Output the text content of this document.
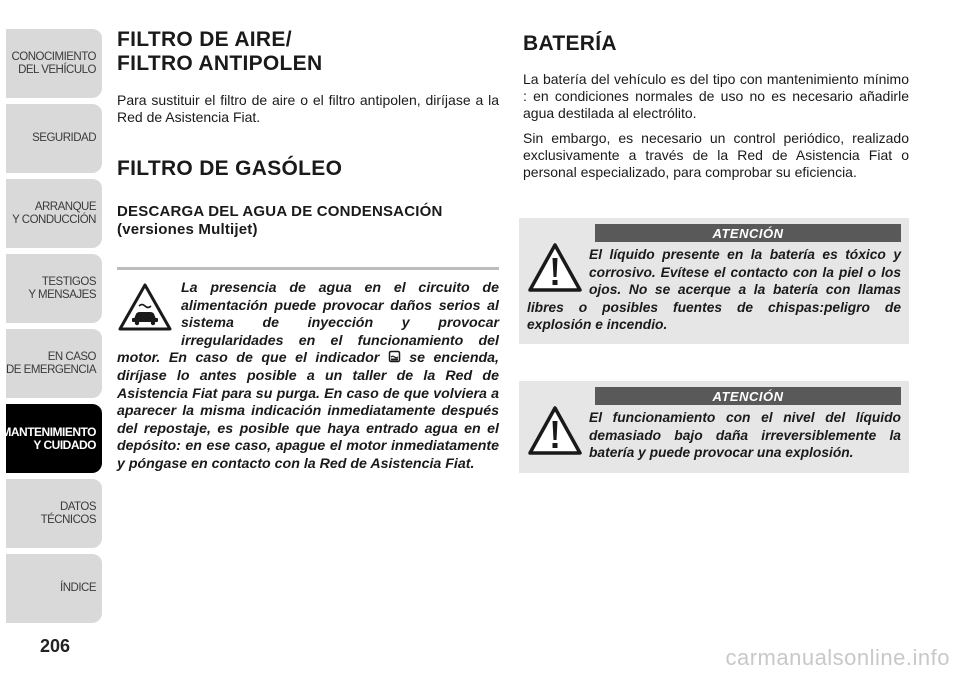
CONOCIMIENTO
DEL VEHÍCULO
SEGURIDAD
ARRANQUE
Y CONDUCCIÓN
TESTIGOS
Y MENSAJES
EN CASO
DE EMERGENCIA
MANTENIMIENTO
Y CUIDADO
DATOS TÉCNICOS
ÍNDICE
206
FILTRO DE AIRE/
FILTRO ANTIPOLEN

Para sustituir el filtro de aire o el filtro antipolen, diríjase a la Red de Asistencia Fiat.

FILTRO DE GASÓLEO
DESCARGA DEL AGUA DE CONDENSACIÓN (versiones Multijet)

La presencia de agua en el circuito de alimentación puede provocar daños serios al sistema de inyección y provocar irregularidades en el funcionamiento del motor. En caso de que el indicador se encienda, diríjase lo antes posible a un taller de la Red de Asistencia Fiat para su purga. En caso de que volviera a aparecer la misma indicación inmediatamente después del repostaje, es posible que haya entrado agua en el depósito: en ese caso, apague el motor inmediatamente y póngase en contacto con la Red de Asistencia Fiat.

BATERÍA

La batería del vehículo es del tipo con mantenimiento mínimo : en condiciones normales de uso no es necesario añadirle agua destilada al electrólito.

Sin embargo, es necesario un control periódico, realizado exclusivamente a través de la Red de Asistencia Fiat o personal especializado, para comprobar su eficiencia.

ATENCIÓN

El líquido presente en la batería es tóxico y corrosivo. Evítese el contacto con la piel o los ojos. No se acerque a la batería con llamas libres o posibles fuentes de chispas:peligro de explosión e incendio.

ATENCIÓN

El funcionamiento con el nivel del líquido demasiado bajo daña irreversiblemente la batería y puede provocar una explosión.

carmanualsonline.info
